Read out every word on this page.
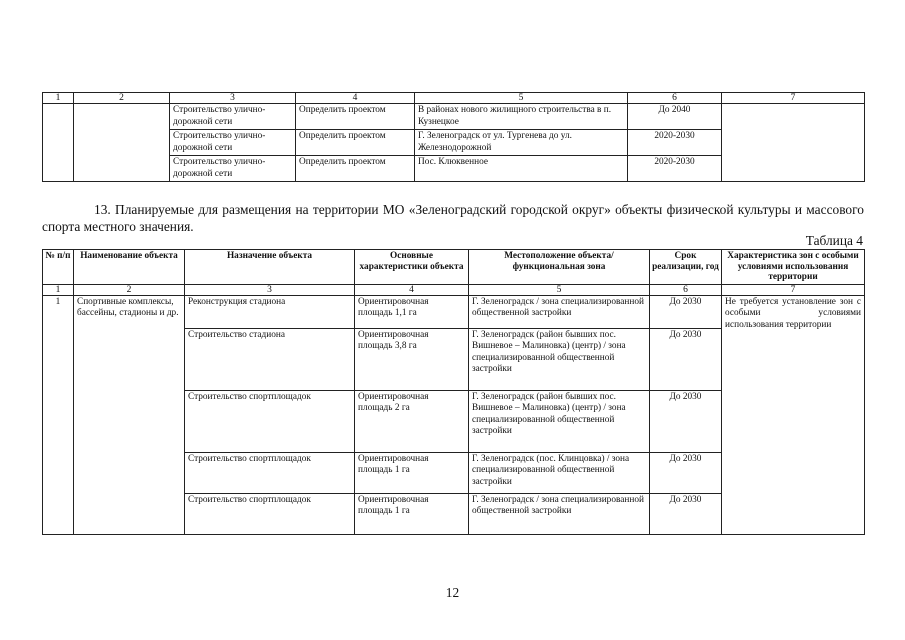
1	2	3	4	5	6	7
		Строительство улично-дорожной сети	Определить проектом	В районах нового жилищного строительства в п. Кузнецкое	До 2040	
		Строительство улично-дорожной сети	Определить проектом	Г. Зеленоградск от ул. Тургенева до ул. Железнодорожной	2020-2030	
		Строительство улично-дорожной сети	Определить проектом	Пос. Клюквенное	2020-2030	
13. Планируемые для размещения на территории МО «Зеленоградский городской округ» объекты физической культуры и массового спорта местного значения.
Таблица 4
№ п/п	Наименование объекта	Назначение объекта	Основные характеристики объекта	Местоположение объекта/функциональная зона	Срок реализации, год	Характеристика зон с особыми условиями использования территории
1	2	3	4	5	6	7
1	Спортивные комплексы, бассейны, стадионы и др.	Реконструкция стадиона	Ориентировочная площадь 1,1 га	Г. Зеленоградск / зона специализированной общественной застройки	До 2030	Не требуется установление зон с особыми условиями использования территории
		Строительство стадиона	Ориентировочная площадь 3,8 га	Г. Зеленоградск (район бывших пос. Вишневое – Малиновка) (центр) / зона специализированной общественной застройки	До 2030	
		Строительство спортплощадок	Ориентировочная площадь 2 га	Г. Зеленоградск (район бывших пос. Вишневое – Малиновка) (центр) / зона специализированной общественной застройки	До 2030	
		Строительство спортплощадок	Ориентировочная площадь 1 га	Г. Зеленоградск (пос. Клинцовка) / зона специализированной общественной застройки	До 2030	
		Строительство спортплощадок	Ориентировочная площадь 1 га	Г. Зеленоградск / зона специализированной общественной застройки	До 2030	
12
